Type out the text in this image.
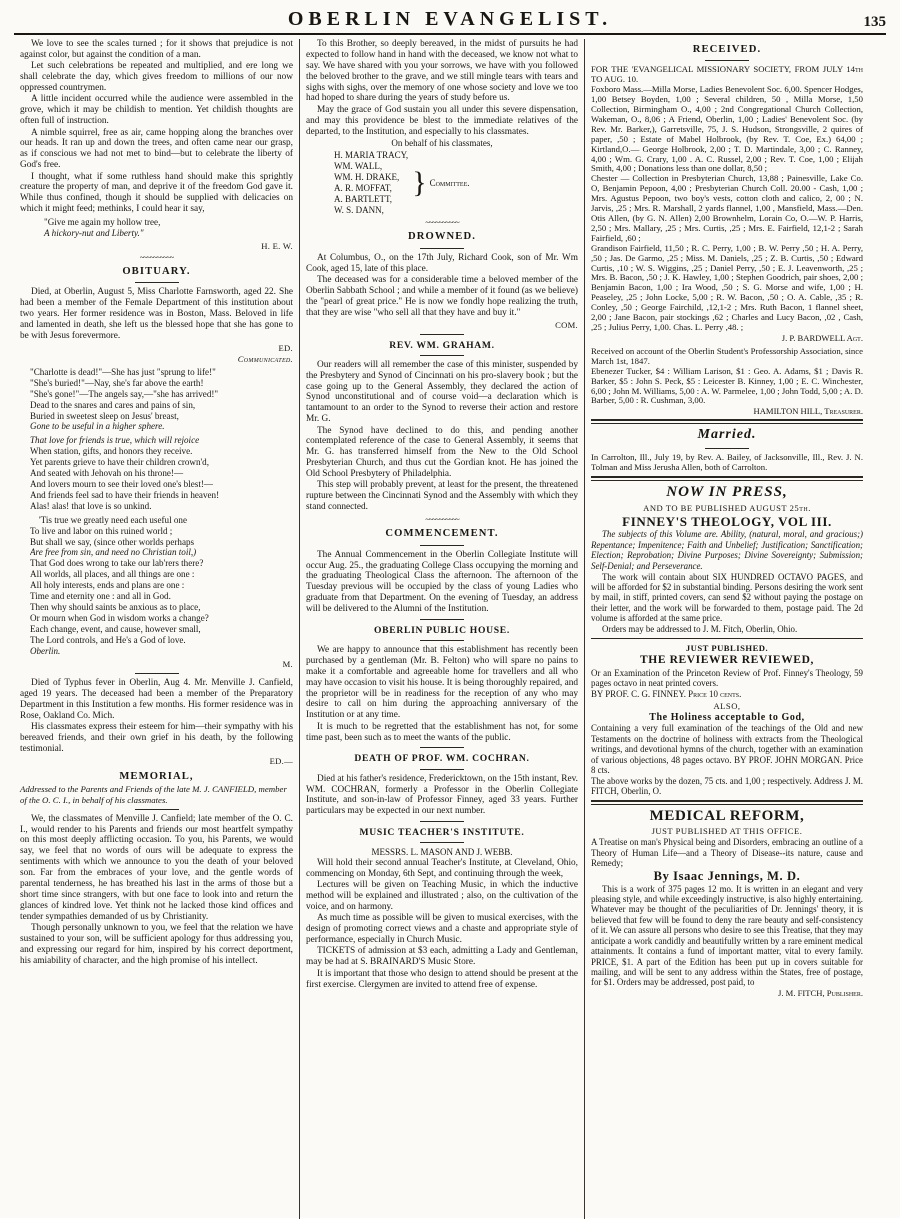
OBERLIN EVANGELIST.	135

We love to see the scales turned ; for it shows that prejudice is not against color, but against the condition of a man.

Let such celebrations be repeated and multiplied, and ere long we shall celebrate the day, which gives freedom to millions of our now oppressed countrymen.

A little incident occurred while the audience were assembled in the grove, which it may be childish to mention. Yet childish thoughts are often full of instruction.

A nimble squirrel, free as air, came hopping along the branches over our heads. It ran up and down the trees, and often came near our grasp, as if conscious we had not met to bind—but to celebrate the liberty of God's free.

I thought, what if some ruthless hand should make this sprightly creature the property of man, and deprive it of the freedom God gave it. While thus confined, though it should be supplied with delicacies on which it might feed; methinks, I could hear it say,

"Give me again my hollow tree,
A hickory-nut and Liberty."
H. E. W.
~~~~~~~~~~
OBITUARY.

Died, at Oberlin, August 5, Miss Charlotte Farnsworth, aged 22. She had been a member of the Female Department of this institution about two years. Her former residence was in Boston, Mass. Beloved in life and lamented in death, she left us the blessed hope that she has gone to be with Jesus forevermore.

ED.
Communicated.
"Charlotte is dead!"—She has just "sprung to life!"
"She's buried!"—Nay, she's far above the earth!
"She's gone!"—The angels say,—"she has arrived!"
Dead to the snares and cares and pains of sin,
Buried in sweetest sleep on Jesus' breast,
Gone to be useful in a higher sphere.
That love for friends is true, which will rejoice
When station, gifts, and honors they receive.
Yet parents grieve to have their children crown'd,
And seated with Jehovah on his throne!—
And lovers mourn to see their loved one's blest!—
And friends feel sad to have their friends in heaven!
Alas! alas! that love is so unkind.
'Tis true we greatly need each useful one
To live and labor on this ruined world ;
But shall we say, (since other worlds perhaps
Are free from sin, and need no Christian toil,)
That God does wrong to take our lab'rers there?
All worlds, all places, and all things are one :
All holy interests, ends and plans are one :
Time and eternity one : and all in God.
Then why should saints be anxious as to place,
Or mourn when God in wisdom works a change?
Each change, event, and cause, however small,
The Lord controls, and He's a God of love.
Oberlin.
M.

Died of Typhus fever in Oberlin, Aug 4. Mr. Menville J. Canfield, aged 19 years. The deceased had been a member of the Preparatory Department in this Institution a few months. His former residence was in Rose, Oakland Co. Mich.

His classmates express their esteem for him—their sympathy with his bereaved friends, and their own grief in his death, by the following testimonial.

ED.—
MEMORIAL,
Addressed to the Parents and Friends of the late M. J. CANFIELD, member of the O. C. I., in behalf of his classmates.

We, the classmates of Menville J. Canfield; late member of the O. C. I., would render to his Parents and friends our most heartfelt sympathy on this most deeply afflicting occasion. To you, his Parents, we would say, we feel that no words of ours will be adequate to express the sentiments with which we announce to you the death of your beloved son. Far from the embraces of your love, and the gentle words of parental tenderness, he has breathed his last in the arms of those but a short time since strangers, with but one face to look into and return the glances of kindred love. Yet think not he lacked those kind offices and tender sympathies demanded of us by Christianity.

Though personally unknown to you, we feel that the relation we have sustained to your son, will be sufficient apology for thus addressing you, and expressing our regard for him, inspired by his correct deportment, his amiability of character, and the high promise of his intellect.

To this Brother, so deeply bereaved, in the midst of pursuits he had expected to follow hand in hand with the deceased, we know not what to say. We have shared with you your sorrows, we have with you followed the beloved brother to the grave, and we still mingle tears with tears and sighs with sighs, over the memory of one whose society and love we too had hoped to share during the years of study before us.

May the grace of God sustain you all under this severe dispensation, and may this providence be blest to the immediate relatives of the departed, to the Institution, and especially to his classmates.

On behalf of his classmates,
H. MARIA TRACY,
WM. WALL,
WM. H. DRAKE,
A. R. MOFFAT,
A. BARTLETT,
W. S. DANN,
} Committee.
~~~~~~~~~~
DROWNED.

At Columbus, O., on the 17th July, Richard Cook, son of Mr. Wm Cook, aged 15, late of this place.

The deceased was for a considerable time a beloved member of the Oberlin Sabbath School ; and while a member of it found (as we believe) the "pearl of great price." He is now we fondly hope realizing the truth, that they are wise "who sell all that they have and buy it."

COM.
REV. WM. GRAHAM.

Our readers will all remember the case of this minister, suspended by the Presbytery and Synod of Cincinnati on his pro-slavery book ; but the case going up to the General Assembly, they declared the action of Synod unconstitutional and of course void—a declaration which is tantamount to an order to the Synod to reverse their action and restore Mr. G.

The Synod have declined to do this, and pending another contemplated reference of the case to General Assembly, it seems that Mr. G. has transferred himself from the New to the Old School Presbyterian Church, and thus cut the Gordian knot. He has joined the Old School Presbytery of Philadelphia.

This step will probably prevent, at least for the present, the threatened rupture between the Cincinnati Synod and the Assembly with which they stand connected.

~~~~~~~~~~
COMMENCEMENT.

The Annual Commencement in the Oberlin Collegiate Institute will occur Aug. 25., the graduating College Class occupying the morning and the graduating Theological Class the afternoon. The afternoon of the Tuesday previous will be occupied by the class of young Ladies who graduate from that Department. On the evening of Tuesday, an address will be delivered to the Alumni of the Institution.

OBERLIN PUBLIC HOUSE.

We are happy to announce that this establishment has recently been purchased by a gentleman (Mr. B. Felton) who will spare no pains to make it a comfortable and agreeable home for travellers and all who may have occasion to visit his house. It is being thoroughly repaired, and the proprietor will be in readiness for the reception of any who may desire to call on him during the approaching anniversary of the Institution or at any time.

It is much to be regretted that the establishment has not, for some time past, been such as to meet the wants of the public.

DEATH OF PROF. WM. COCHRAN.

Died at his father's residence, Fredericktown, on the 15th instant, Rev. WM. COCHRAN, formerly a Professor in the Oberlin Collegiate Institute, and son-in-law of Professor Finney, aged 33 years. Further particulars may be expected in our next number.

MUSIC TEACHER'S INSTITUTE.
MESSRS. L. MASON AND J. WEBB.

Will hold their second annual Teacher's Institute, at Cleveland, Ohio, commencing on Monday, 6th Sept, and continuing through the week,

Lectures will be given on Teaching Music, in which the inductive method will be explained and illustrated ; also, on the cultivation of the voice, and on harmony.

As much time as possible will be given to musical exercises, with the design of promoting correct views and a chaste and appropriate style of performance, especially in Church Music.

TICKETS of admission at $3 each, admitting a Lady and Gentleman, may be had at S. BRAINARD'S Music Store.

It is important that those who design to attend should be present at the first exercise. Clergymen are invited to attend free of expense.

RECEIVED.
FOR THE 'EVANGELICAL MISSIONARY SOCIETY, FROM JULY 14th TO AUG. 10.
Foxboro Mass.—Milla Morse, Ladies Benevolent Soc. 6,00. Spencer Hodges, 1,00 Betsey Boyden, 1,00 ; Several children, 50 , Milla Morse, 1,50 Collection, Birmingham O., 4,00 ; 2nd Congregational Church Collection, Wakeman, O., 8,06 ; A Friend, Oberlin, 1,00 ; Ladies' Benevolent Soc. (by Rev. Mr. Barker,), Garretsville, 75, J. S. Hudson, Strongsville, 2 quires of paper, ,50 ; Estate of Mabel Holbrook, (by Rev. T. Coe, Ex.) 64,00 ; Kirtland,O.— George Holbrook, 2,00 ; T. D. Martindale, 3,00 ; C. Ranney, 4,00 ; Wm. G. Crary, 1,00 . A. C. Russel, 2,00 ; Rev. T. Coe, 1,00 ; Elijah Smith, 4,00 ; Donations less than one dollar, 8,50 ;
Chester — Collection in Presbyterian Church, 13,88 ; Painesville, Lake Co. O, Benjamin Pepoon, 4,00 ; Presbyterian Church Coll. 20.00 - Cash, 1,00 ; Mrs. Agustus Pepoon, two boy's vests, cotton cloth and calico, 2, 00 ; N. Jarvis, ,25 ; Mrs. R. Marshall, 2 yards flannel, 1,00 , Mansfield, Mass.—Den. Otis Allen, (by G. N. Allen) 2,00 Brownhelm, Lorain Co, O.—W. P. Harris, 2,50 ; Mrs. Mallary, ,25 ; Mrs. Curtis, ,25 ; Mrs. E. Fairfield, 12,1-2 ; Sarah Fairfield, ,60 ;
Grandison Fairfield, 11,50 ; R. C. Perry, 1,00 ; B. W. Perry ,50 ; H. A. Perry, ,50 ; Jas. De Garmo, ,25 ; Miss. M. Daniels, ,25 ; Z. B. Curtis, ,50 ; Edward Curtis, ,10 ; W. S. Wiggins, ,25 ; Daniel Perry, ,50 ; E. J. Leavenworth, ,25 ; Mrs. B. Bacon, ,50 ; J. K. Hawley, 1,00 ; Stephen Goodrich, pair shoes, 2,00 ; Benjamin Bacon, 1,00 ; Ira Wood, ,50 ; S. G. Morse and wife, 1,00 ; H. Peaseley, ,25 ; John Locke, 5,00 ; R. W. Bacon, ,50 ; O. A. Cable, ,35 ; R. Conley, ,50 ; George Fairchild, ,12,1-2 ; Mrs. Ruth Bacon, 1 flannel sheet, 2,00 ; Jane Bacon, pair stockings ,62 ; Charles and Lucy Bacon, ,02 , Cash, ,25 ; Julius Perry, 1,00. Chas. L. Perry ,48. ;
J. P. BARDWELL Agt.
Received on account of the Oberlin Student's Professorship Association, since March 1st, 1847.
Ebenezer Tucker, $4 : William Larison, $1 : Geo. A. Adams, $1 ; Davis R. Barker, $5 : John S. Peck, $5 : Leicester B. Kinney, 1,00 ; E. C. Winchester, 6,00 ; John M. Williams, 5,00 : A. W. Parmelee, 1,00 ; John Todd, 5,00 ; A. D. Barber, 5,00 : R. Cushman, 3,00.
HAMILTON HILL, Treasurer.
Married.
In Carrolton, Ill., July 19, by Rev. A. Bailey, of Jacksonville, Ill., Rev. J. N. Tolman and Miss Jerusha Allen, both of Carrolton.
NOW IN PRESS,
AND TO BE PUBLISHED AUGUST 25th.
FINNEY'S THEOLOGY, VOL III.

The subjects of this Volume are. Ability, (natural, moral, and gracious;) Repentance; Impenitence; Faith and Unbelief; Justification; Sanctification; Election; Reprobation; Divine Purposes; Divine Sovereignty; Submission; Self-Denial; and Perseverance.

The work will contain about SIX HUNDRED OCTAVO PAGES, and will be afforded for $2 in substantial binding. Persons desiring the work sent by mail, in stiff, printed covers, can send $2 without paying the postage on their letter, and the work will be forwarded to them, postage paid. The 2d volume is afforded at the same price.

Orders may be addressed to J. M. Fitch, Oberlin, Ohio.

JUST PUBLISHED.
THE REVIEWER REVIEWED,

Or an Examination of the Princeton Review of Prof. Finney's Theology, 59 pages octavo in neat printed covers.

BY PROF. C. G. FINNEY. Price 10 cents.

ALSO,
The Holiness acceptable to God,

Containing a very full examination of the teachings of the Old and new Testaments on the doctrine of holiness with extracts from the Theological writings, and devotional hymns of the church, together with an examination of various objections, 48 pages octavo. BY PROF. JOHN MORGAN. Price 8 cts.

The above works by the dozen, 75 cts. and 1,00 ; respectively. Address J. M. FITCH, Oberlin, O.

MEDICAL REFORM,
JUST PUBLISHED AT THIS OFFICE.

A Treatise on man's Physical being and Disorders, embracing an outline of a Theory of Human Life—and a Theory of Disease--its nature, cause and Remedy;

By Isaac Jennings, M. D.

This is a work of 375 pages 12 mo. It is written in an elegant and very pleasing style, and while exceedingly instructive, is also highly entertaining. Whatever may be thought of the peculiarities of Dr. Jennings' theory, it is believed that few will be found to deny the rare beauty and self-consistency of it. We can assure all persons who desire to see this Treatise, that they may anticipate a work candidly and beautifully written by a rare eminent medical attainments. It contains a fund of important matter, vital to every family. PRICE, $1. A part of the Edition has been put up in covers suitable for mailing, and will be sent to any address within the States, free of postage, for $1. Orders may be addressed, post paid, to

J. M. FITCH, Publisher.
